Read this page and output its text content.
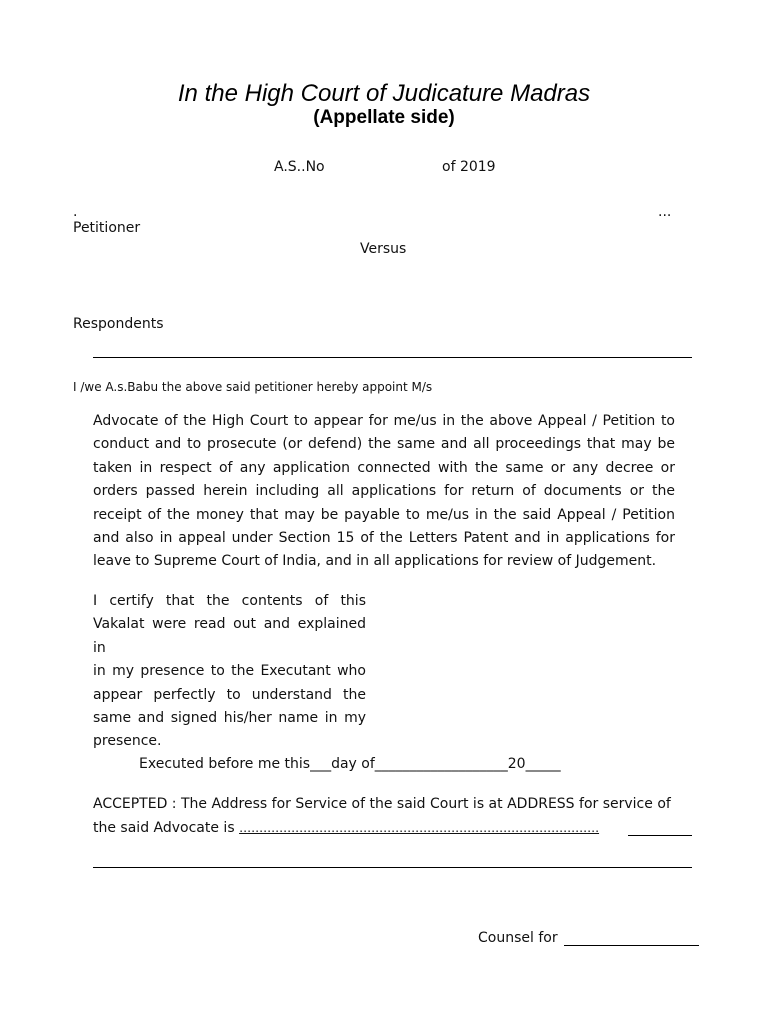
In the High Court of Judicature Madras
(Appellate side)
A.S..No	of 2019
.	...
Petitioner
Versus
Respondents
I /we A.s.Babu the above said petitioner hereby appoint M/s
Advocate of the High Court to appear for me/us in the above Appeal / Petition to conduct and to prosecute (or defend) the same and all proceedings that may be taken in respect of any application connected with the same or any decree or orders passed herein including all applications for return of documents or the receipt of the money that may be payable to me/us in the said Appeal / Petition and also in appeal under Section 15 of the Letters Patent and in applications for leave to Supreme Court of India, and in all applications for review of Judgement.
I certify that the contents of this Vakalat were read out and explained in
in my presence to the Executant who appear perfectly to understand the same and signed his/her name in my presence.
Executed before me this___day of___________________20_____
ACCEPTED : The Address for Service of the said Court is at ADDRESS for service of
the said Advocate is ………………………………………………………………………………
Counsel for
